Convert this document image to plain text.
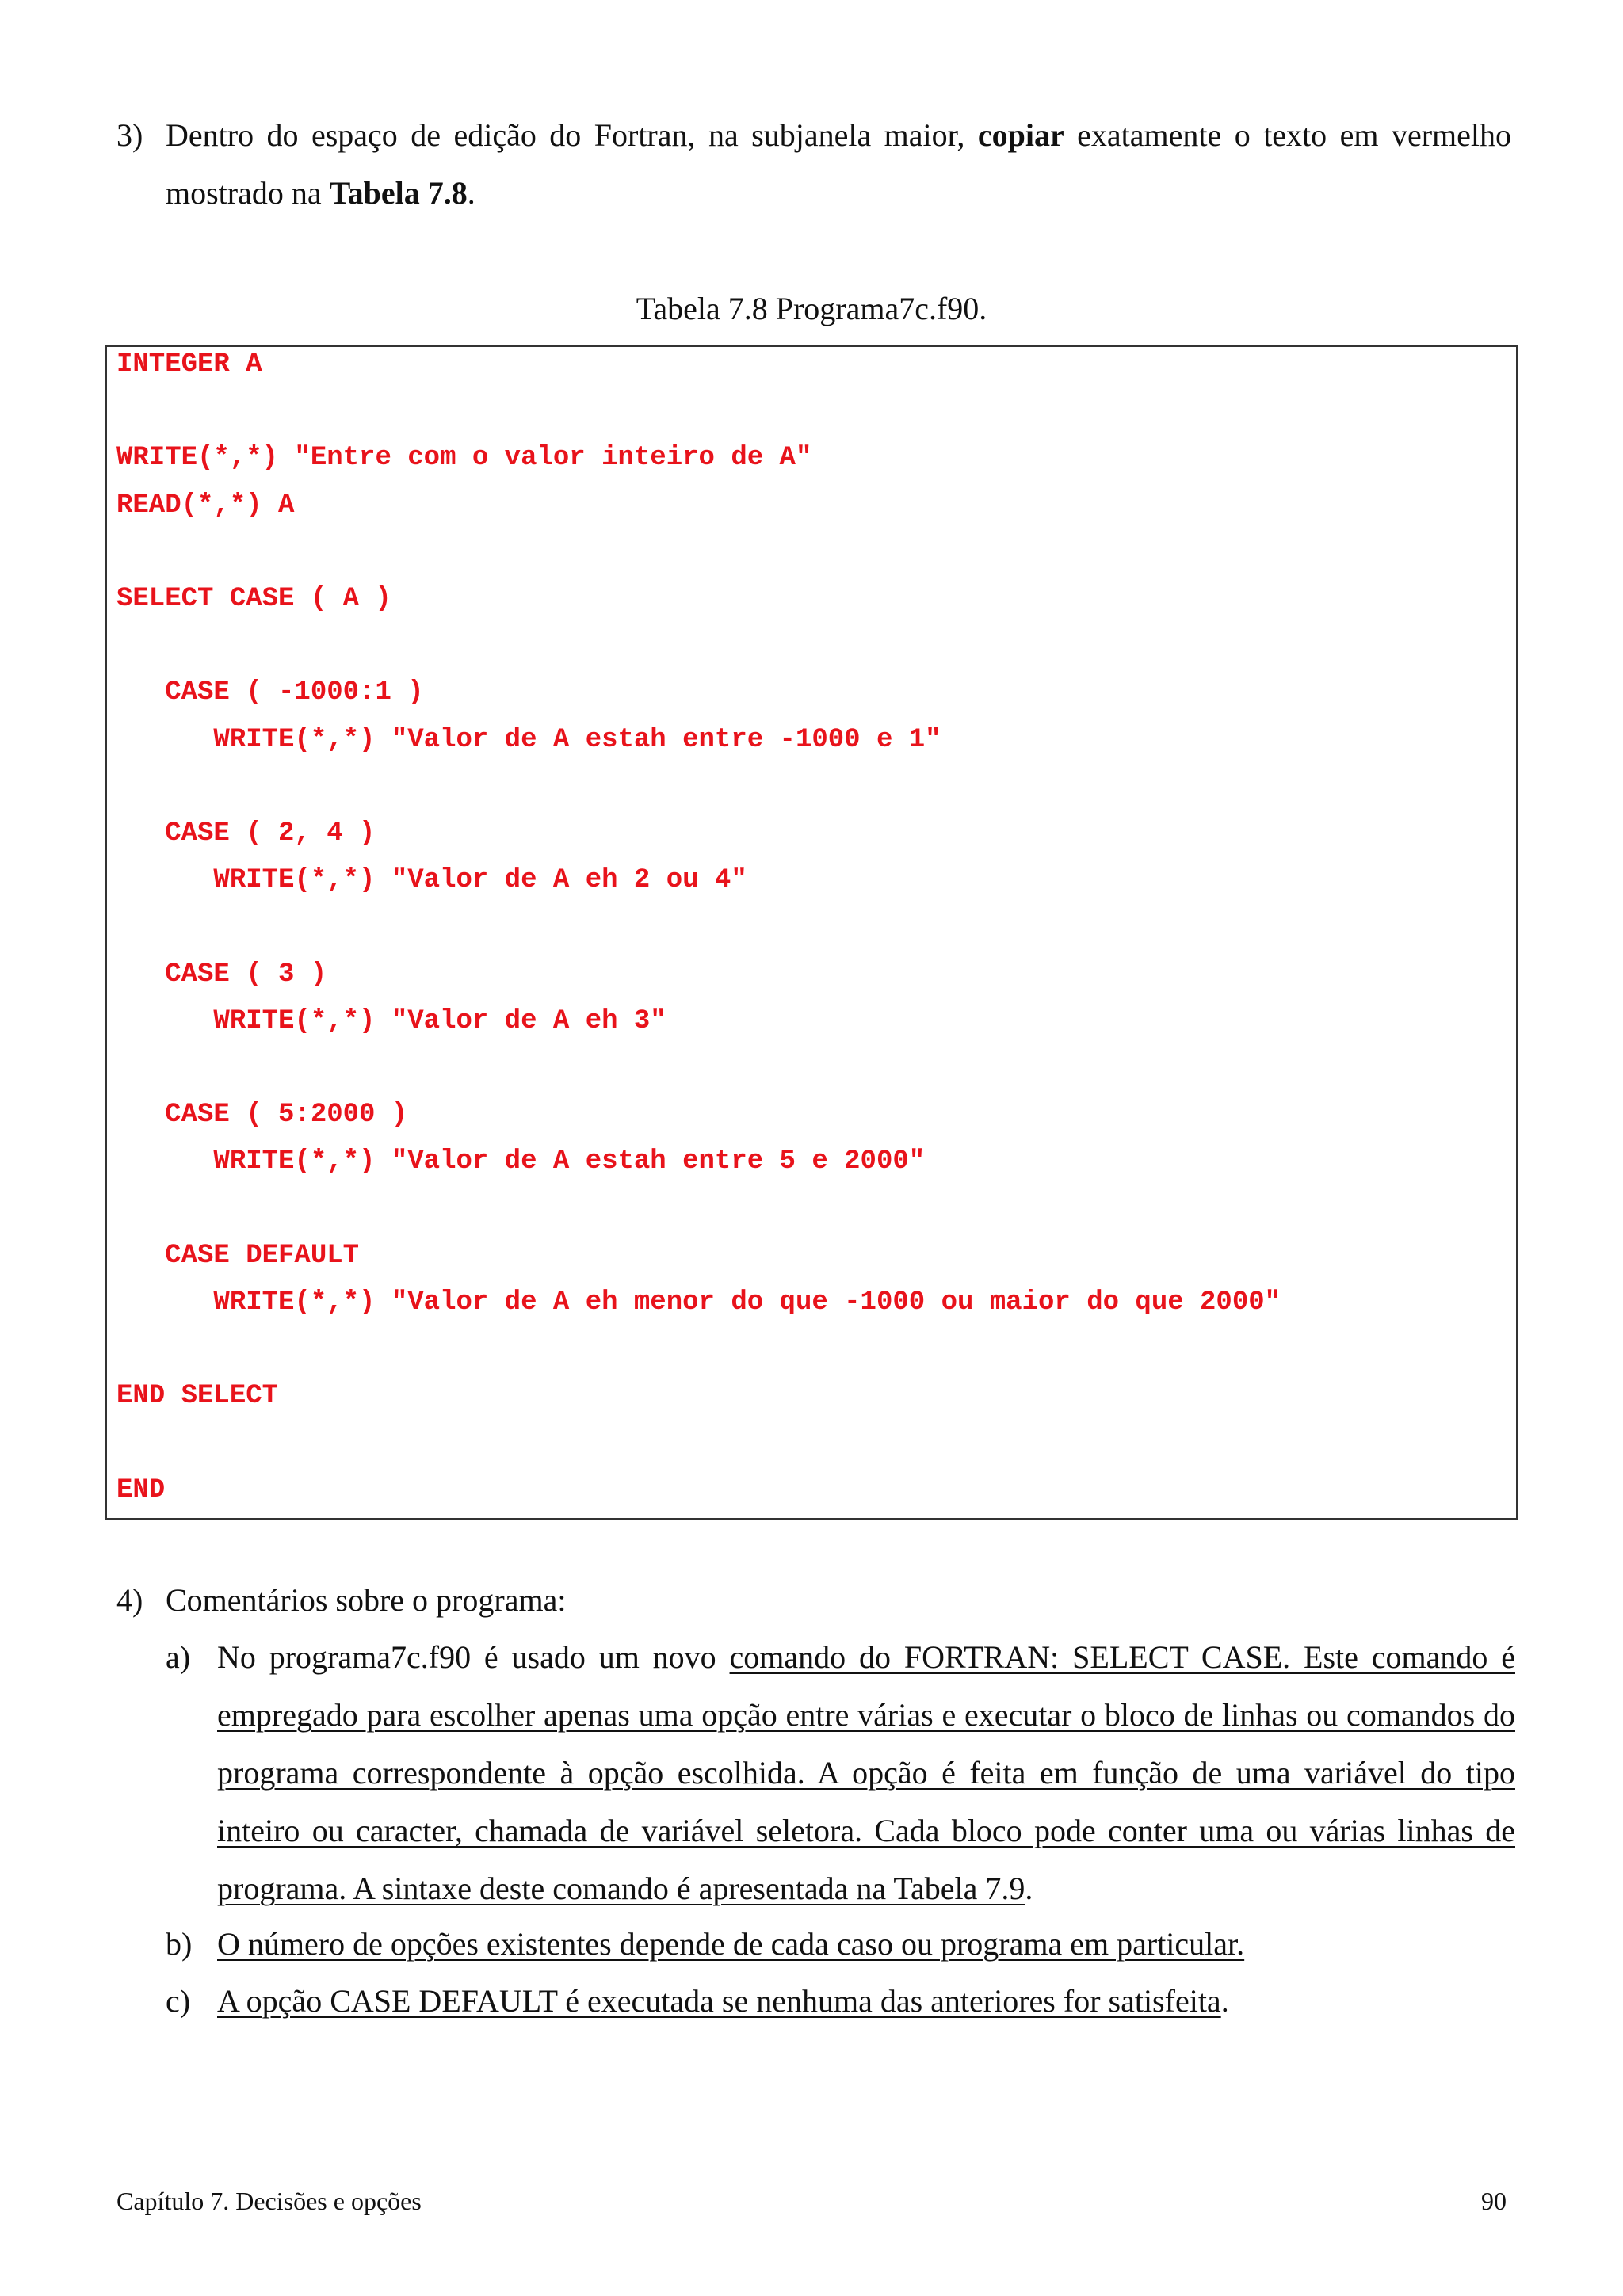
3) Dentro do espaço de edição do Fortran, na subjanela maior, copiar exatamente o texto em vermelho mostrado na Tabela 7.8.

Tabela 7.8 Programa7c.f90.
INTEGER A
WRITE(*,*) "Entre com o valor inteiro de A"
READ(*,*) A
SELECT CASE ( A )
CASE ( -1000:1 )
WRITE(*,*) "Valor de A estah entre -1000 e 1"
CASE ( 2, 4 )
WRITE(*,*) "Valor de A eh 2 ou 4"
CASE ( 3 )
WRITE(*,*) "Valor de A eh 3"
CASE ( 5:2000 )
WRITE(*,*) "Valor de A estah entre 5 e 2000"
CASE DEFAULT
WRITE(*,*) "Valor de A eh menor do que -1000 ou maior do que 2000"
END SELECT
END

4) Comentários sobre o programa:

a) No programa7c.f90 é usado um novo comando do FORTRAN: SELECT CASE. Este comando é empregado para escolher apenas uma opção entre várias e executar o bloco de linhas ou comandos do programa correspondente à opção escolhida. A opção é feita em função de uma variável do tipo inteiro ou caracter, chamada de variável seletora. Cada bloco pode conter uma ou várias linhas de programa. A sintaxe deste comando é apresentada na Tabela 7.9.

b) O número de opções existentes depende de cada caso ou programa em particular.

c) A opção CASE DEFAULT é executada se nenhuma das anteriores for satisfeita.

Capítulo 7. Decisões e opções	90
